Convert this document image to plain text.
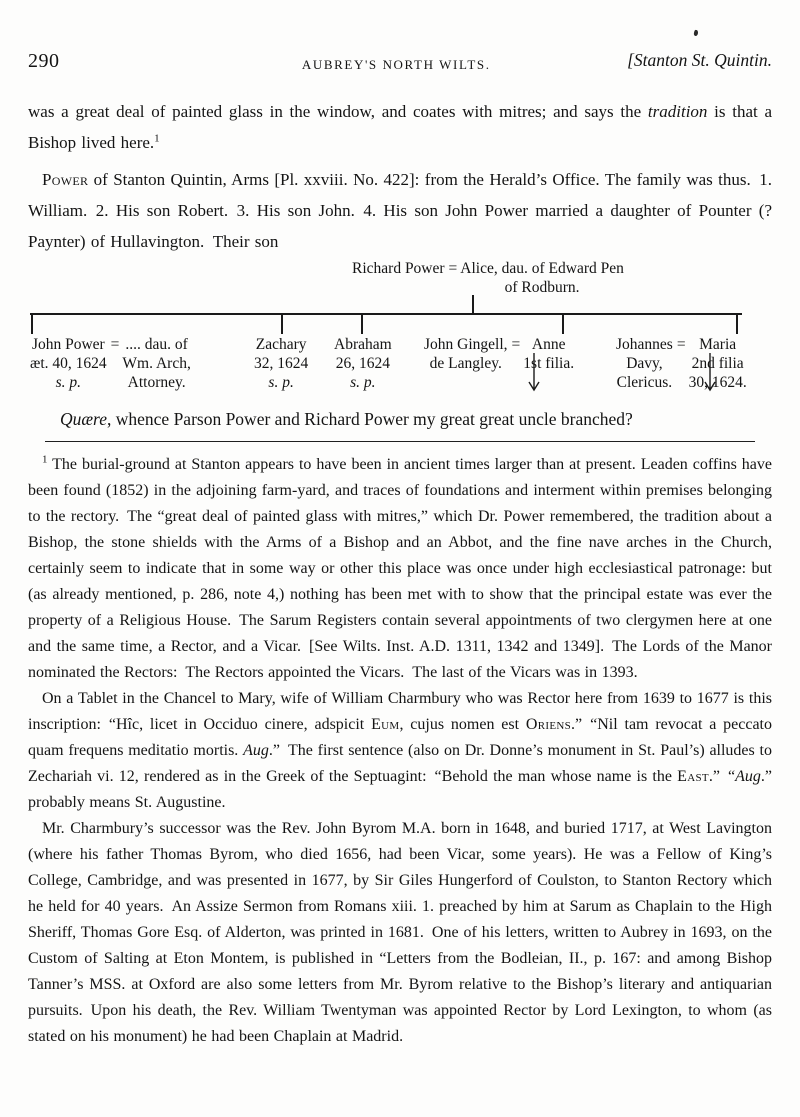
290	AUBREY'S NORTH WILTS.	[Stanton St. Quintin.

was a great deal of painted glass in the window, and coates with mitres; and says the tradition is that a Bishop lived here.$^1$

Power of Stanton Quintin, Arms [Pl. xxviii. No. 422]: from the Herald’s Office. The family was thus. 1. William. 2. His son Robert. 3. His son John. 4. His son John Power married a daughter of Pounter (? Paynter) of Hullavington. Their son

Richard Power = Alice, dau. of Edward Pen
of Rodburn.
John Power
æt. 40, 1624
s. p.
= .... dau. of
Wm. Arch,
Attorney.
Zachary
32, 1624
s. p.
Abraham
26, 1624
s. p.
John Gingell,
de Langley.
= Anne
1st filia.
Johannes
Davy,
Clericus.
= Maria
2nd filia
30, 1624.

Quære, whence Parson Power and Richard Power my great great uncle branched?

$^1$ The burial-ground at Stanton appears to have been in ancient times larger than at present. Leaden coffins have been found (1852) in the adjoining farm-yard, and traces of foundations and interment within premises belonging to the rectory. The “great deal of painted glass with mitres,” which Dr. Power remembered, the tradition about a Bishop, the stone shields with the Arms of a Bishop and an Abbot, and the fine nave arches in the Church, certainly seem to indicate that in some way or other this place was once under high ecclesiastical patronage: but (as already mentioned, p. 286, note 4,) nothing has been met with to show that the principal estate was ever the property of a Religious House. The Sarum Registers contain several appointments of two clergymen here at one and the same time, a Rector, and a Vicar. [See Wilts. Inst. A.D. 1311, 1342 and 1349]. The Lords of the Manor nominated the Rectors: The Rectors appointed the Vicars. The last of the Vicars was in 1393.

On a Tablet in the Chancel to Mary, wife of William Charmbury who was Rector here from 1639 to 1677 is this inscription: “Hîc, licet in Occiduo cinere, adspicit Eum, cujus nomen est Oriens.” “Nil tam revocat a peccato quam frequens meditatio mortis. Aug.” The first sentence (also on Dr. Donne’s monument in St. Paul’s) alludes to Zechariah vi. 12, rendered as in the Greek of the Septuagint: “Behold the man whose name is the East.” “Aug.” probably means St. Augustine.

Mr. Charmbury’s successor was the Rev. John Byrom M.A. born in 1648, and buried 1717, at West Lavington (where his father Thomas Byrom, who died 1656, had been Vicar, some years). He was a Fellow of King’s College, Cambridge, and was presented in 1677, by Sir Giles Hungerford of Coulston, to Stanton Rectory which he held for 40 years. An Assize Sermon from Romans xiii. 1. preached by him at Sarum as Chaplain to the High Sheriff, Thomas Gore Esq. of Alderton, was printed in 1681. One of his letters, written to Aubrey in 1693, on the Custom of Salting at Eton Montem, is published in “Letters from the Bodleian, II., p. 167: and among Bishop Tanner’s MSS. at Oxford are also some letters from Mr. Byrom relative to the Bishop’s literary and antiquarian pursuits. Upon his death, the Rev. William Twentyman was appointed Rector by Lord Lexington, to whom (as stated on his monument) he had been Chaplain at Madrid.
